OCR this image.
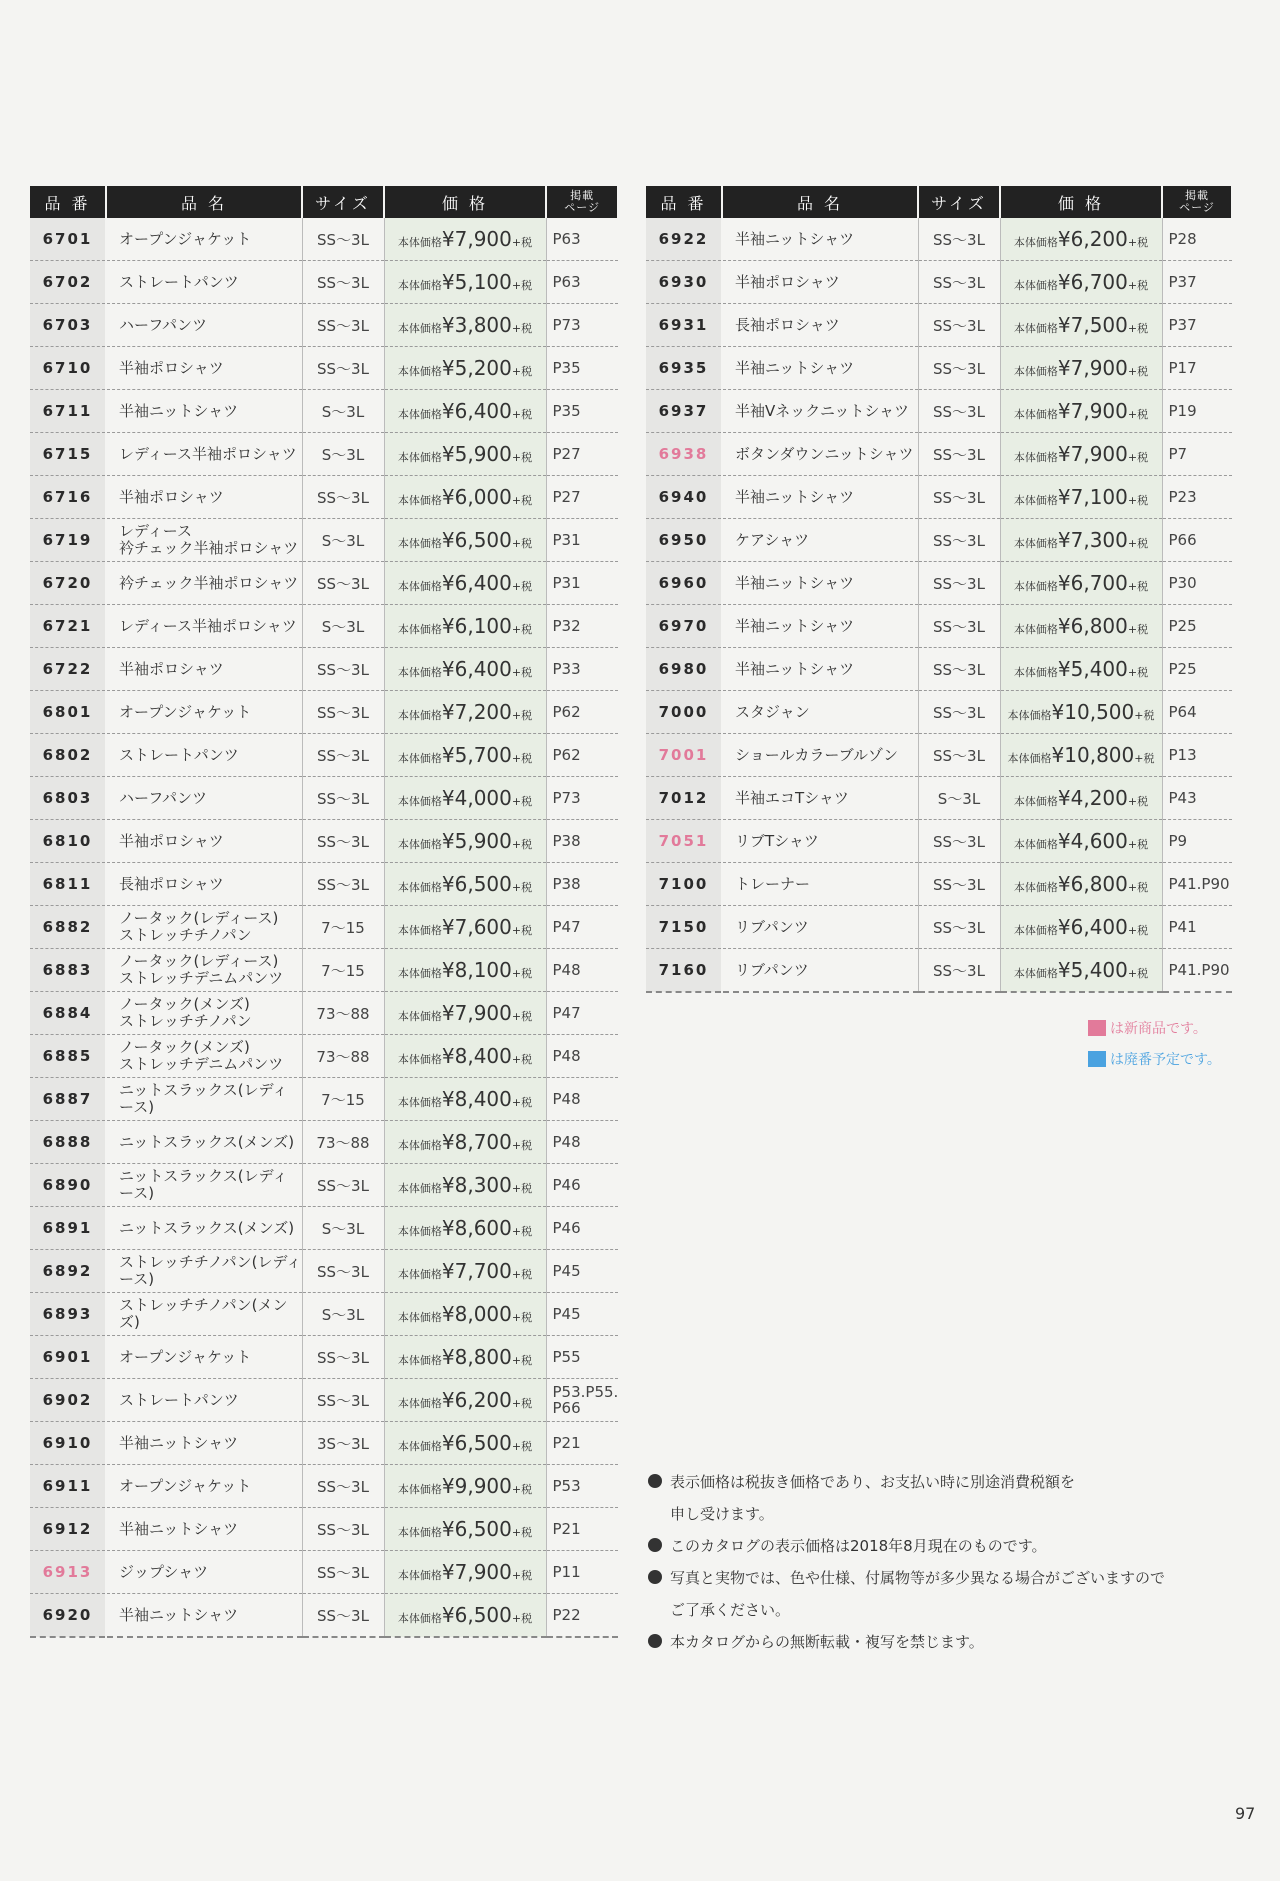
品 番	品 名	サイズ	価 格	掲載
ページ
6701	オープンジャケット	SS〜3L	本体価格¥7,900+税	P63
6702	ストレートパンツ	SS〜3L	本体価格¥5,100+税	P63
6703	ハーフパンツ	SS〜3L	本体価格¥3,800+税	P73
6710	半袖ポロシャツ	SS〜3L	本体価格¥5,200+税	P35
6711	半袖ニットシャツ	S〜3L	本体価格¥6,400+税	P35
6715	レディース半袖ポロシャツ	S〜3L	本体価格¥5,900+税	P27
6716	半袖ポロシャツ	SS〜3L	本体価格¥6,000+税	P27
6719	レディース
衿チェック半袖ポロシャツ	S〜3L	本体価格¥6,500+税	P31
6720	衿チェック半袖ポロシャツ	SS〜3L	本体価格¥6,400+税	P31
6721	レディース半袖ポロシャツ	S〜3L	本体価格¥6,100+税	P32
6722	半袖ポロシャツ	SS〜3L	本体価格¥6,400+税	P33
6801	オープンジャケット	SS〜3L	本体価格¥7,200+税	P62
6802	ストレートパンツ	SS〜3L	本体価格¥5,700+税	P62
6803	ハーフパンツ	SS〜3L	本体価格¥4,000+税	P73
6810	半袖ポロシャツ	SS〜3L	本体価格¥5,900+税	P38
6811	長袖ポロシャツ	SS〜3L	本体価格¥6,500+税	P38
6882	ノータック(レディース)
ストレッチチノパン	7〜15	本体価格¥7,600+税	P47
6883	ノータック(レディース)
ストレッチデニムパンツ	7〜15	本体価格¥8,100+税	P48
6884	ノータック(メンズ)
ストレッチチノパン	73〜88	本体価格¥7,900+税	P47
6885	ノータック(メンズ)
ストレッチデニムパンツ	73〜88	本体価格¥8,400+税	P48
6887	ニットスラックス(レディース)	7〜15	本体価格¥8,400+税	P48
6888	ニットスラックス(メンズ)	73〜88	本体価格¥8,700+税	P48
6890	ニットスラックス(レディース)	SS〜3L	本体価格¥8,300+税	P46
6891	ニットスラックス(メンズ)	S〜3L	本体価格¥8,600+税	P46
6892	ストレッチチノパン(レディース)	SS〜3L	本体価格¥7,700+税	P45
6893	ストレッチチノパン(メンズ)	S〜3L	本体価格¥8,000+税	P45
6901	オープンジャケット	SS〜3L	本体価格¥8,800+税	P55
6902	ストレートパンツ	SS〜3L	本体価格¥6,200+税	P53.P55.
P66
6910	半袖ニットシャツ	3S〜3L	本体価格¥6,500+税	P21
6911	オープンジャケット	SS〜3L	本体価格¥9,900+税	P53
6912	半袖ニットシャツ	SS〜3L	本体価格¥6,500+税	P21
6913	ジップシャツ	SS〜3L	本体価格¥7,900+税	P11
6920	半袖ニットシャツ	SS〜3L	本体価格¥6,500+税	P22
品 番	品 名	サイズ	価 格	掲載
ページ
6922	半袖ニットシャツ	SS〜3L	本体価格¥6,200+税	P28
6930	半袖ポロシャツ	SS〜3L	本体価格¥6,700+税	P37
6931	長袖ポロシャツ	SS〜3L	本体価格¥7,500+税	P37
6935	半袖ニットシャツ	SS〜3L	本体価格¥7,900+税	P17
6937	半袖Vネックニットシャツ	SS〜3L	本体価格¥7,900+税	P19
6938	ボタンダウンニットシャツ	SS〜3L	本体価格¥7,900+税	P7
6940	半袖ニットシャツ	SS〜3L	本体価格¥7,100+税	P23
6950	ケアシャツ	SS〜3L	本体価格¥7,300+税	P66
6960	半袖ニットシャツ	SS〜3L	本体価格¥6,700+税	P30
6970	半袖ニットシャツ	SS〜3L	本体価格¥6,800+税	P25
6980	半袖ニットシャツ	SS〜3L	本体価格¥5,400+税	P25
7000	スタジャン	SS〜3L	本体価格¥10,500+税	P64
7001	ショールカラーブルゾン	SS〜3L	本体価格¥10,800+税	P13
7012	半袖エコTシャツ	S〜3L	本体価格¥4,200+税	P43
7051	リブTシャツ	SS〜3L	本体価格¥4,600+税	P9
7100	トレーナー	SS〜3L	本体価格¥6,800+税	P41.P90
7150	リブパンツ	SS〜3L	本体価格¥6,400+税	P41
7160	リブパンツ	SS〜3L	本体価格¥5,400+税	P41.P90
は新商品です。
は廃番予定です。
表示価格は税抜き価格であり、お支払い時に別途消費税額を
申し受けます。
このカタログの表示価格は2018年8月現在のものです。
写真と実物では、色や仕様、付属物等が多少異なる場合がございますので
ご了承ください。
本カタログからの無断転載・複写を禁じます。
97
